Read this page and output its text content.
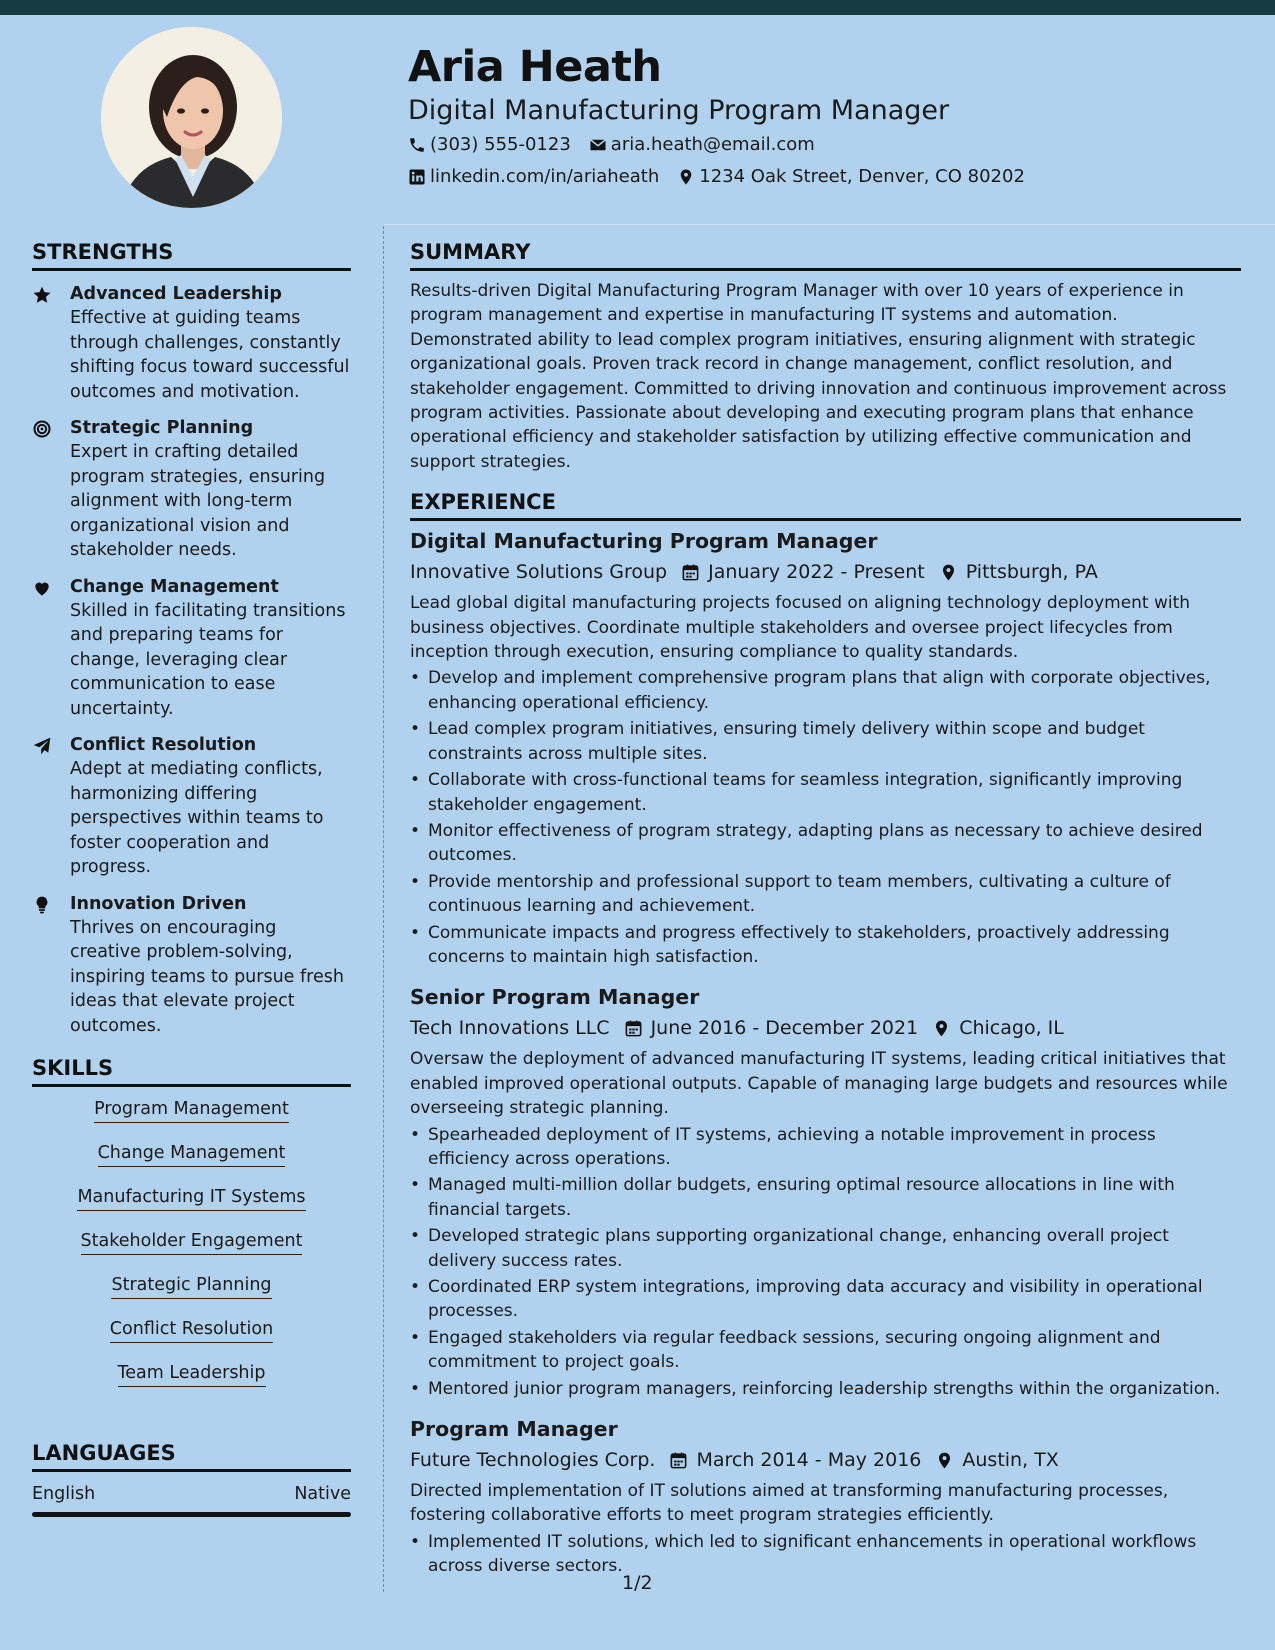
Aria Heath
Digital Manufacturing Program Manager
(303) 555-0123 aria.heath@email.com
linkedin.com/in/ariaheath 1234 Oak Street, Denver, CO 80202
STRENGTHS
Advanced Leadership
Effective at guiding teams through challenges, constantly shifting focus toward successful outcomes and motivation.
Strategic Planning
Expert in crafting detailed program strategies, ensuring alignment with long-term organizational vision and stakeholder needs.
Change Management
Skilled in facilitating transitions and preparing teams for change, leveraging clear communication to ease uncertainty.
Conflict Resolution
Adept at mediating conflicts, harmonizing differing perspectives within teams to foster cooperation and progress.
Innovation Driven
Thrives on encouraging creative problem-solving, inspiring teams to pursue fresh ideas that elevate project outcomes.
SKILLS
Program Management
Change Management
Manufacturing IT Systems
Stakeholder Engagement
Strategic Planning
Conflict Resolution
Team Leadership
LANGUAGES
English	Native
SUMMARY
Results-driven Digital Manufacturing Program Manager with over 10 years of experience in program management and expertise in manufacturing IT systems and automation. Demonstrated ability to lead complex program initiatives, ensuring alignment with strategic organizational goals. Proven track record in change management, conflict resolution, and stakeholder engagement. Committed to driving innovation and continuous improvement across program activities. Passionate about developing and executing program plans that enhance operational efficiency and stakeholder satisfaction by utilizing effective communication and support strategies.
EXPERIENCE
Digital Manufacturing Program Manager
Innovative Solutions Group January 2022 - Present Pittsburgh, PA
Lead global digital manufacturing projects focused on aligning technology deployment with business objectives. Coordinate multiple stakeholders and oversee project lifecycles from inception through execution, ensuring compliance to quality standards.
• Develop and implement comprehensive program plans that align with corporate objectives, enhancing operational efficiency.
• Lead complex program initiatives, ensuring timely delivery within scope and budget constraints across multiple sites.
• Collaborate with cross-functional teams for seamless integration, significantly improving stakeholder engagement.
• Monitor effectiveness of program strategy, adapting plans as necessary to achieve desired outcomes.
• Provide mentorship and professional support to team members, cultivating a culture of continuous learning and achievement.
• Communicate impacts and progress effectively to stakeholders, proactively addressing concerns to maintain high satisfaction.
Senior Program Manager
Tech Innovations LLC June 2016 - December 2021 Chicago, IL
Oversaw the deployment of advanced manufacturing IT systems, leading critical initiatives that enabled improved operational outputs. Capable of managing large budgets and resources while overseeing strategic planning.
• Spearheaded deployment of IT systems, achieving a notable improvement in process efficiency across operations.
• Managed multi-million dollar budgets, ensuring optimal resource allocations in line with financial targets.
• Developed strategic plans supporting organizational change, enhancing overall project delivery success rates.
• Coordinated ERP system integrations, improving data accuracy and visibility in operational processes.
• Engaged stakeholders via regular feedback sessions, securing ongoing alignment and commitment to project goals.
• Mentored junior program managers, reinforcing leadership strengths within the organization.
Program Manager
Future Technologies Corp. March 2014 - May 2016 Austin, TX
Directed implementation of IT solutions aimed at transforming manufacturing processes, fostering collaborative efforts to meet program strategies efficiently.
• Implemented IT solutions, which led to significant enhancements in operational workflows across diverse sectors.
1/2
